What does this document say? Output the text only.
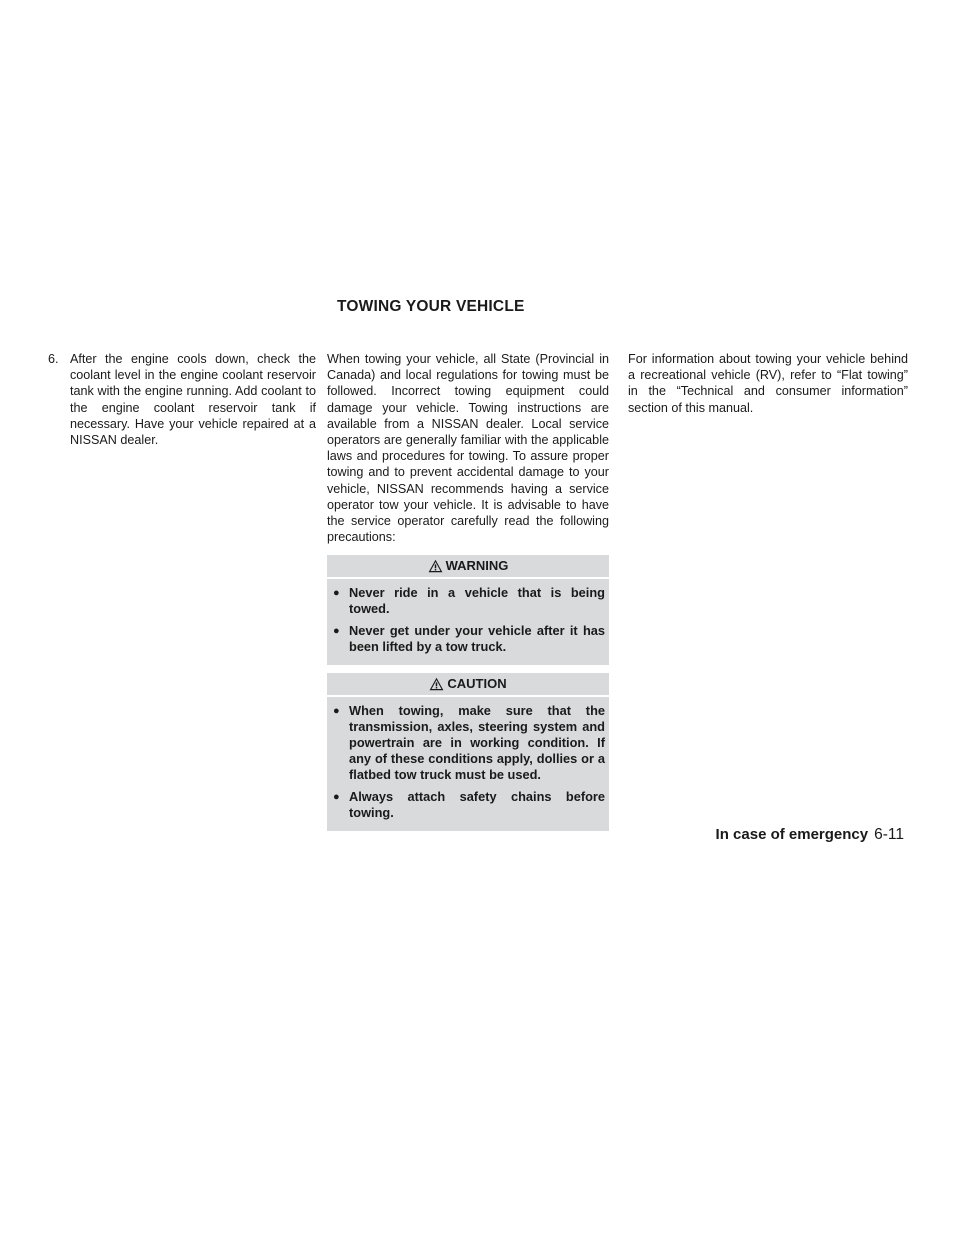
TOWING YOUR VEHICLE
6. After the engine cools down, check the coolant level in the engine coolant reservoir tank with the engine running. Add coolant to the engine coolant reservoir tank if necessary. Have your vehicle repaired at a NISSAN dealer.

When towing your vehicle, all State (Provincial in Canada) and local regulations for towing must be followed. Incorrect towing equipment could damage your vehicle. Towing instructions are available from a NISSAN dealer. Local service operators are generally familiar with the applicable laws and procedures for towing. To assure proper towing and to prevent accidental damage to your vehicle, NISSAN recommends having a service operator tow your vehicle. It is advisable to have the service operator carefully read the following precautions:

WARNING
● Never ride in a vehicle that is being towed.
● Never get under your vehicle after it has been lifted by a tow truck.
CAUTION
● When towing, make sure that the transmission, axles, steering system and powertrain are in working condition. If any of these conditions apply, dollies or a flatbed tow truck must be used.
● Always attach safety chains before towing.

For information about towing your vehicle behind a recreational vehicle (RV), refer to “Flat towing” in the “Technical and consumer information” section of this manual.

In case of emergency 6-11
